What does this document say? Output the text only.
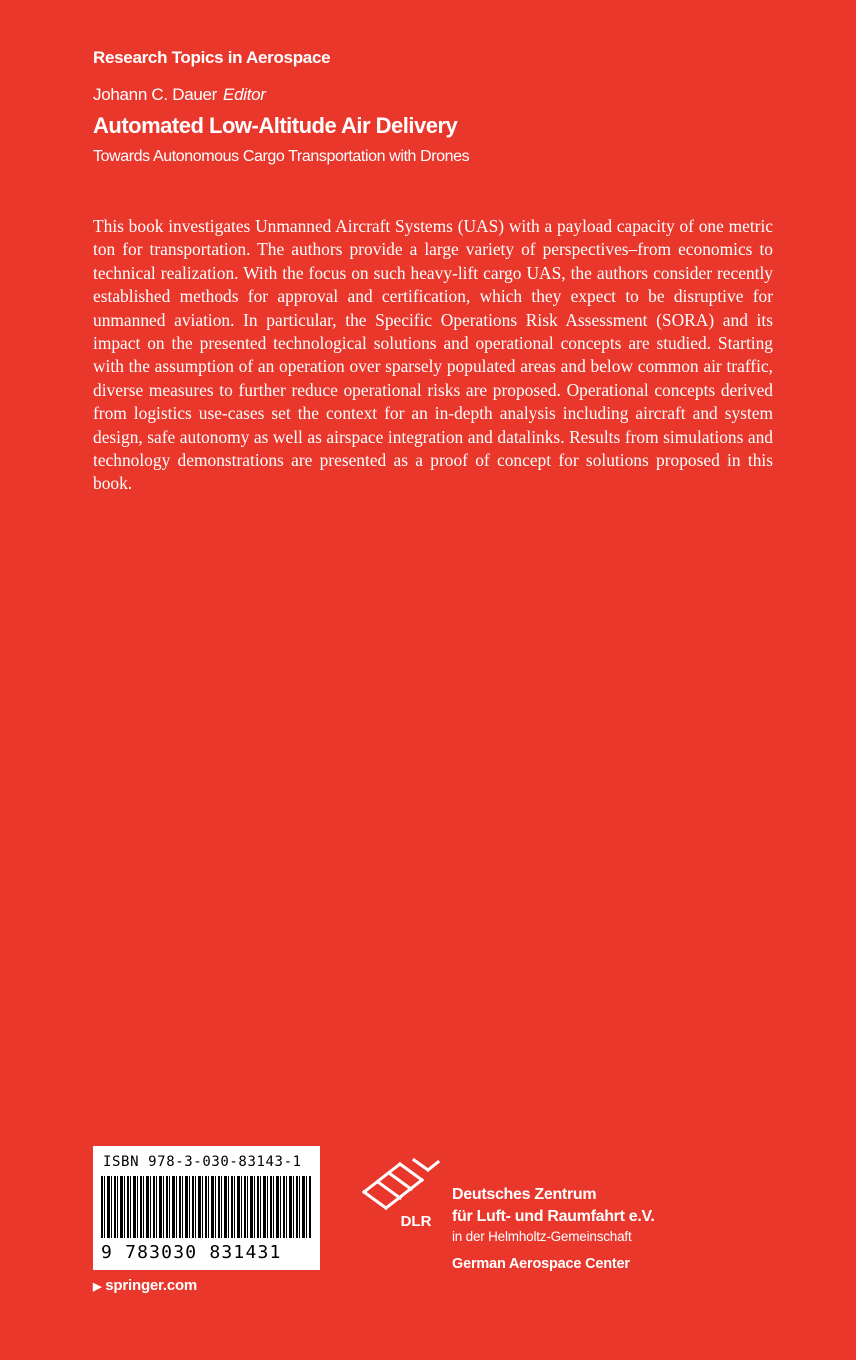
Research Topics in Aerospace
Johann C. Dauer Editor
Automated Low-Altitude Air Delivery
Towards Autonomous Cargo Transportation with Drones

This book investigates Unmanned Aircraft Systems (UAS) with a payload capacity of one metric ton for transportation. The authors provide a large variety of perspectives–from economics to technical realization. With the focus on such heavy-lift cargo UAS, the authors consider recently established methods for approval and certification, which they expect to be disruptive for unmanned aviation. In particular, the Specific Operations Risk Assessment (SORA) and its impact on the presented technological solutions and operational concepts are studied. Starting with the assumption of an operation over sparsely populated areas and below common air traffic, diverse measures to further reduce operational risks are proposed. Operational concepts derived from logistics use-cases set the context for an in-depth analysis including aircraft and system design, safe autonomy as well as airspace integration and datalinks. Results from simulations and technology demonstrations are presented as a proof of concept for solutions proposed in this book.

ISBN 978-3-030-83143-1
9 783030 831431
▶ springer.com
DLR
Deutsches Zentrum
für Luft- und Raumfahrt e.V.
in der Helmholtz-Gemeinschaft
German Aerospace Center
